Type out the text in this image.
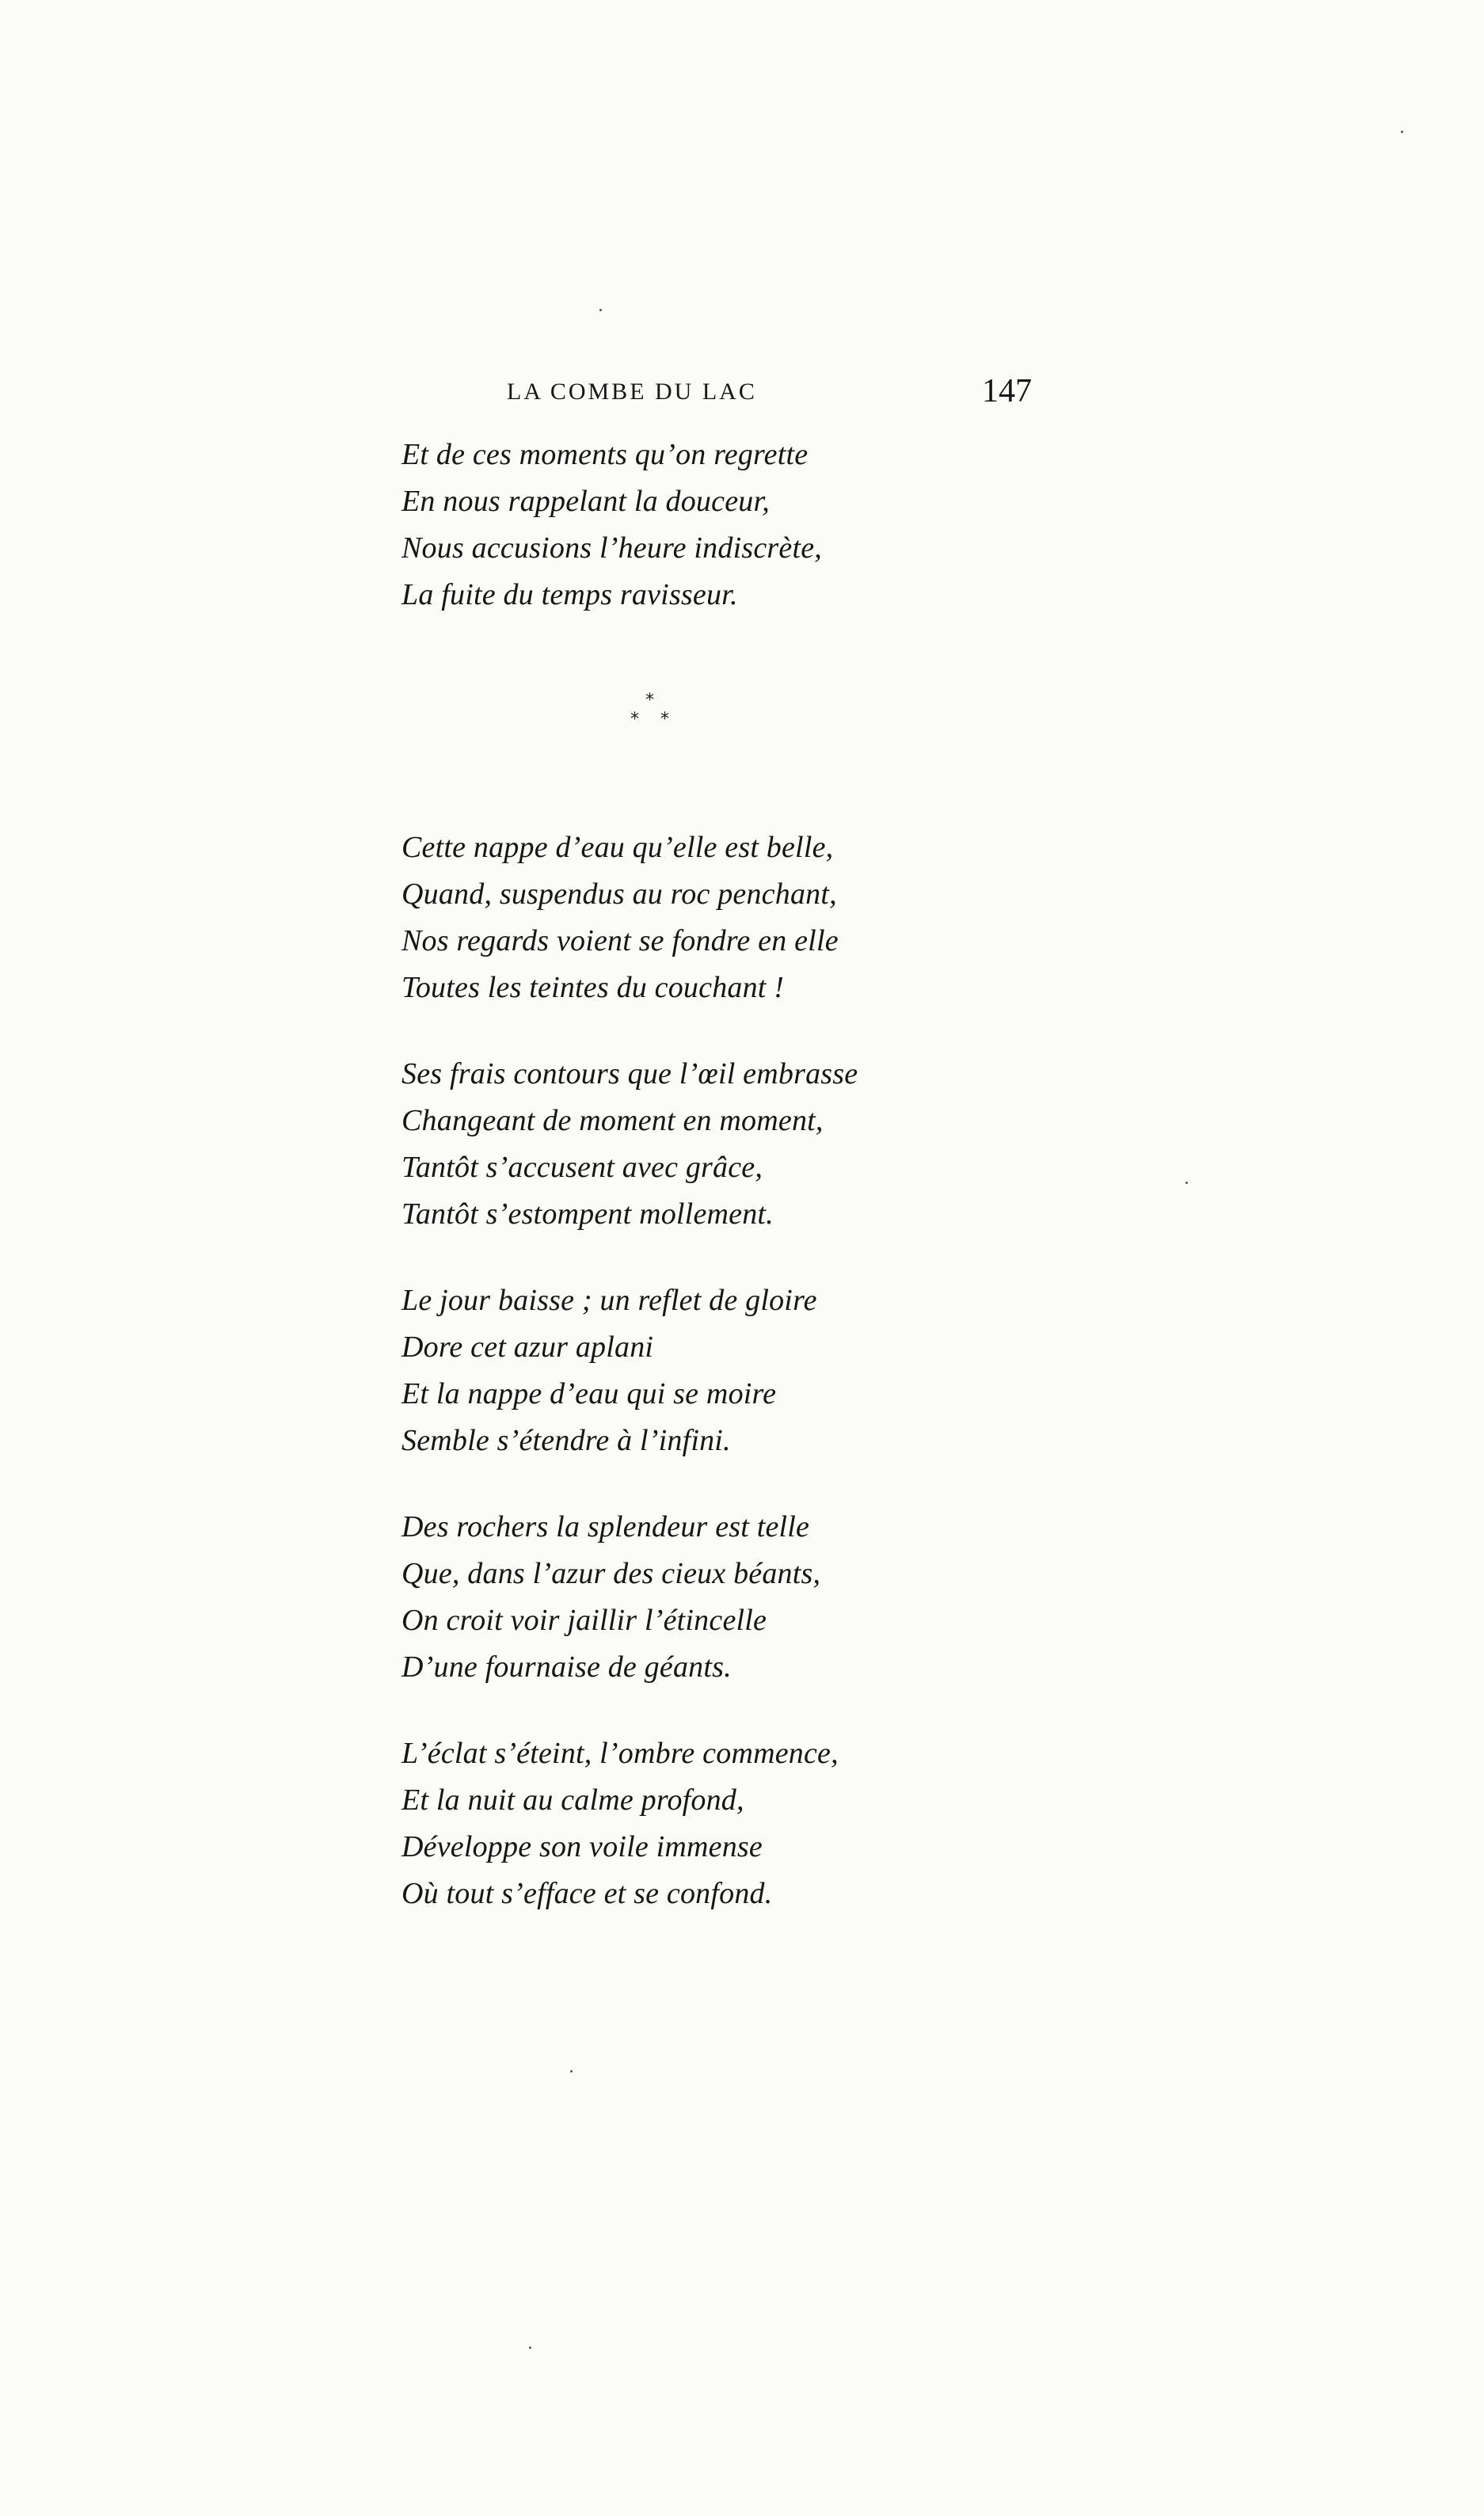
LA COMBE DU LAC	147
Et de ces moments qu’on regrette
En nous rappelant la douceur,
Nous accusions l’heure indiscrète,
La fuite du temps ravisseur.
*
* *
Cette nappe d’eau qu’elle est belle,
Quand, suspendus au roc penchant,
Nos regards voient se fondre en elle
Toutes les teintes du couchant !
Ses frais contours que l’œil embrasse
Changeant de moment en moment,
Tantôt s’accusent avec grâce,
Tantôt s’estompent mollement.
Le jour baisse ; un reflet de gloire
Dore cet azur aplani
Et la nappe d’eau qui se moire
Semble s’étendre à l’infini.
Des rochers la splendeur est telle
Que, dans l’azur des cieux béants,
On croit voir jaillir l’étincelle
D’une fournaise de géants.
L’éclat s’éteint, l’ombre commence,
Et la nuit au calme profond,
Développe son voile immense
Où tout s’efface et se confond.
